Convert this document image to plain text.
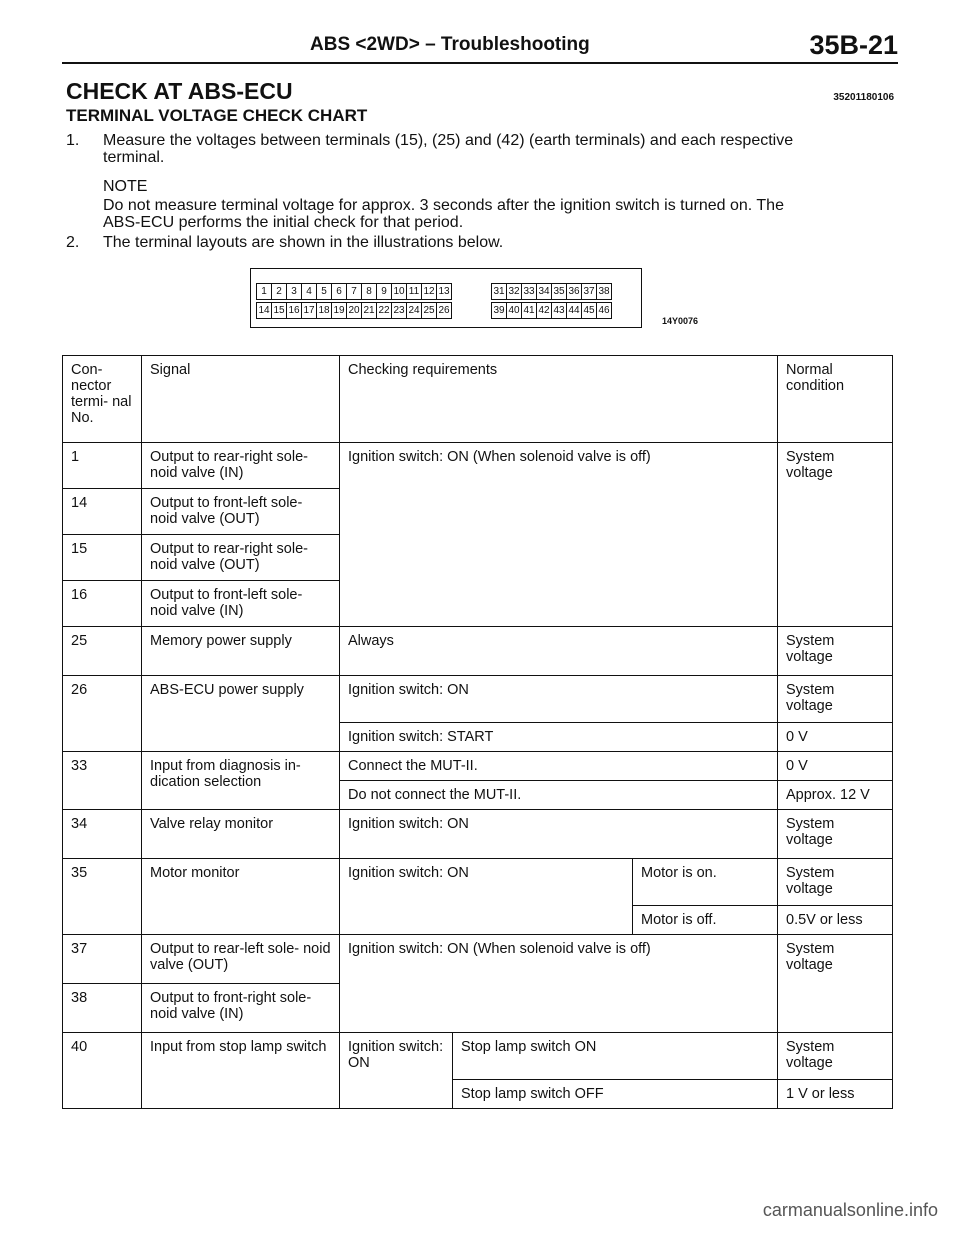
ABS <2WD> – Troubleshooting	35B-21
CHECK AT ABS-ECU	35201180106
TERMINAL VOLTAGE CHECK CHART
1. Measure the voltages between terminals (15), (25) and (42) (earth terminals) and each respective
terminal.
NOTE
Do not measure terminal voltage for approx. 3 seconds after the ignition switch is turned on. The
ABS-ECU performs the initial check for that period.
2. The terminal layouts are shown in the illustrations below.
1 2 3 4 5 6 7 8 9 10 11 12 13
14 15 16 17 18 19 20 21 22 23 24 25 26
31 32 33 34 35 36 37 38
39 40 41 42 43 44 45 46
14Y0076
Con- nector termi- nal No.	Signal	Checking requirements			Normal condition
1	Output to rear-right sole- noid valve (IN)	Ignition switch: ON (When solenoid valve is off)			System voltage
14	Output to front-left sole- noid valve (OUT)				
15	Output to rear-right sole- noid valve (OUT)				
16	Output to front-left sole- noid valve (IN)				
25	Memory power supply	Always			System voltage
26	ABS-ECU power supply	Ignition switch: ON			System voltage
		Ignition switch: START			0 V
33	Input from diagnosis in- dication selection	Connect the MUT-II.			0 V
		Do not connect the MUT-II.			Approx. 12 V
34	Valve relay monitor	Ignition switch: ON			System voltage
35	Motor monitor	Ignition switch: ON		Motor is on.	System voltage
				Motor is off.	0.5V or less
37	Output to rear-left sole- noid valve (OUT)	Ignition switch: ON (When solenoid valve is off)			System voltage
38	Output to front-right sole- noid valve (IN)				
40	Input from stop lamp switch	Ignition switch: ON	Stop lamp switch ON		System voltage
			Stop lamp switch OFF		1 V or less
carmanualsonline.info
